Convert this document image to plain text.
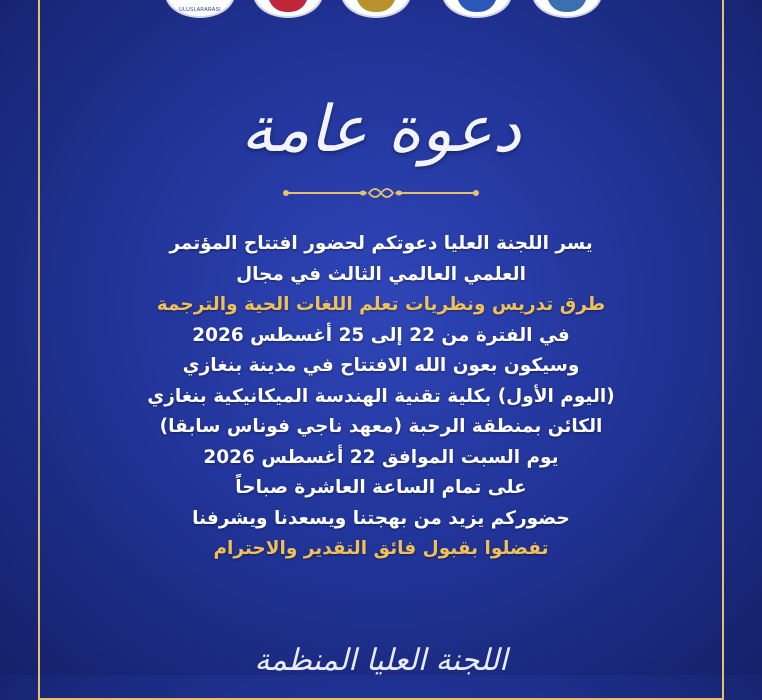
ULUSLARARASI
دعوة عامة
يسر اللجنة العليا دعوتكم لحضور افتتاح المؤتمر
العلمي العالمي الثالث في مجال
طرق تدريس ونظريات تعلم اللغات الحية والترجمة
في الفترة من 22 إلى 25 أغسطس 2026
وسيكون بعون الله الافتتاح في مدينة بنغازي
(اليوم الأول) بكلية تقنية الهندسة الميكانيكية بنغازي
الكائن بمنطقة الرحبة (معهد ناجي فوناس سابقا)
يوم السبت الموافق 22 أغسطس 2026
على تمام الساعة العاشرة صباحاً
حضوركم يزيد من بهجتنا ويسعدنا ويشرفنا
تفضلوا بقبول فائق التقدير والاحترام
اللجنة العليا المنظمة
